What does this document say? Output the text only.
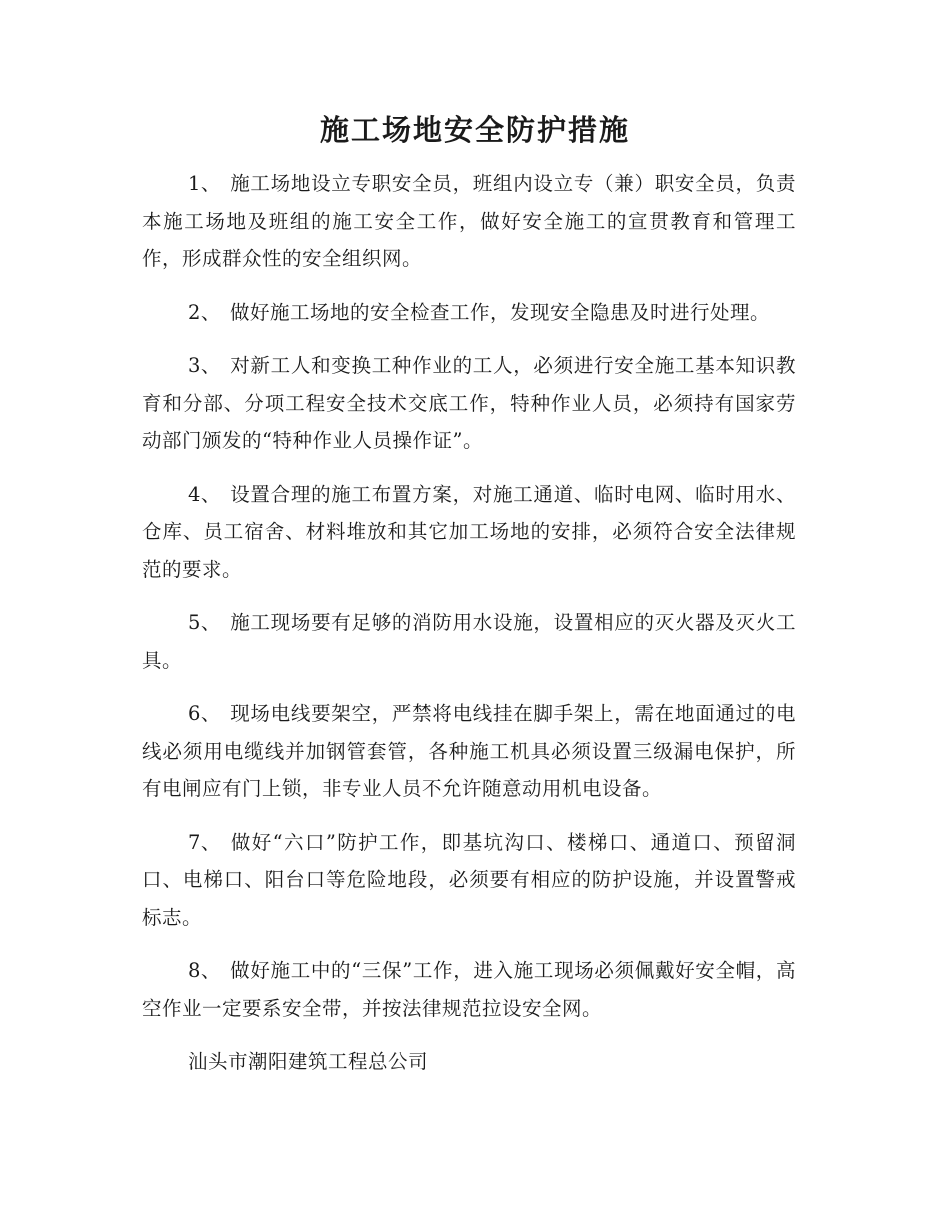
施工场地安全防护措施

1、 施工场地设立专职安全员，班组内设立专（兼）职安全员，负责本施工场地及班组的施工安全工作，做好安全施工的宣贯教育和管理工作，形成群众性的安全组织网。

2、 做好施工场地的安全检查工作，发现安全隐患及时进行处理。

3、 对新工人和变换工种作业的工人，必须进行安全施工基本知识教育和分部、分项工程安全技术交底工作，特种作业人员，必须持有国家劳动部门颁发的“特种作业人员操作证”。

4、 设置合理的施工布置方案，对施工通道、临时电网、临时用水、仓库、员工宿舍、材料堆放和其它加工场地的安排，必须符合安全法律规范的要求。

5、 施工现场要有足够的消防用水设施，设置相应的灭火器及灭火工具。

6、 现场电线要架空，严禁将电线挂在脚手架上，需在地面通过的电线必须用电缆线并加钢管套管，各种施工机具必须设置三级漏电保护，所有电闸应有门上锁，非专业人员不允许随意动用机电设备。

7、 做好“六口”防护工作，即基坑沟口、楼梯口、通道口、预留洞口、电梯口、阳台口等危险地段，必须要有相应的防护设施，并设置警戒标志。

8、 做好施工中的“三保”工作，进入施工现场必须佩戴好安全帽，高空作业一定要系安全带，并按法律规范拉设安全网。

汕头市潮阳建筑工程总公司
